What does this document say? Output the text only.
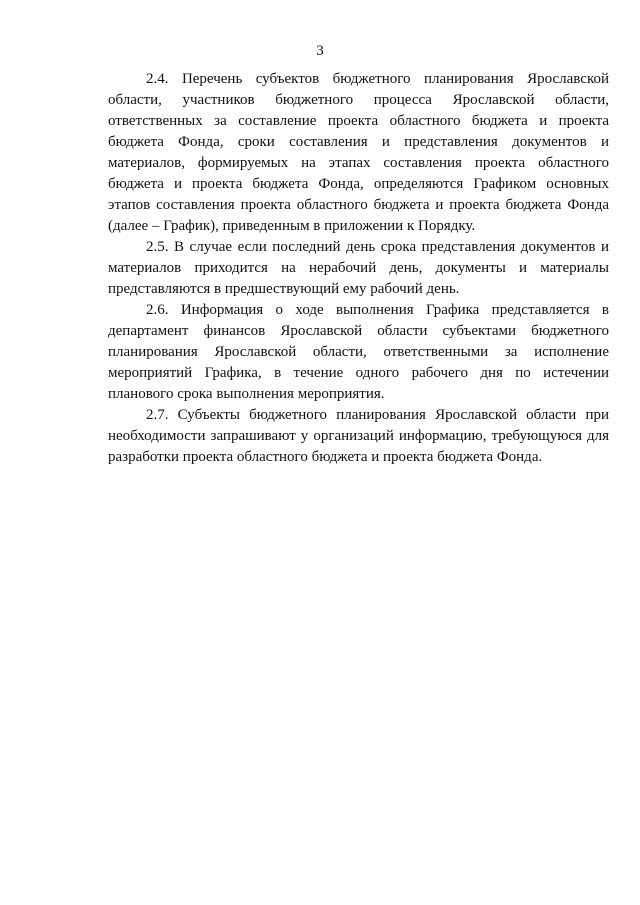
3

2.4. Перечень субъектов бюджетного планирования Ярославской области, участников бюджетного процесса Ярославской области, ответственных за составление проекта областного бюджета и проекта бюджета Фонда, сроки составления и представления документов и материалов, формируемых на этапах составления проекта областного бюджета и проекта бюджета Фонда, определяются Графиком основных этапов составления проекта областного бюджета и проекта бюджета Фонда (далее – График), приведенным в приложении к Порядку.

2.5. В случае если последний день срока представления документов и материалов приходится на нерабочий день, документы и материалы представляются в предшествующий ему рабочий день.

2.6. Информация о ходе выполнения Графика представляется в департамент финансов Ярославской области субъектами бюджетного планирования Ярославской области, ответственными за исполнение мероприятий Графика, в течение одного рабочего дня по истечении планового срока выполнения мероприятия.

2.7. Субъекты бюджетного планирования Ярославской области при необходимости запрашивают у организаций информацию, требующуюся для разработки проекта областного бюджета и проекта бюджета Фонда.
